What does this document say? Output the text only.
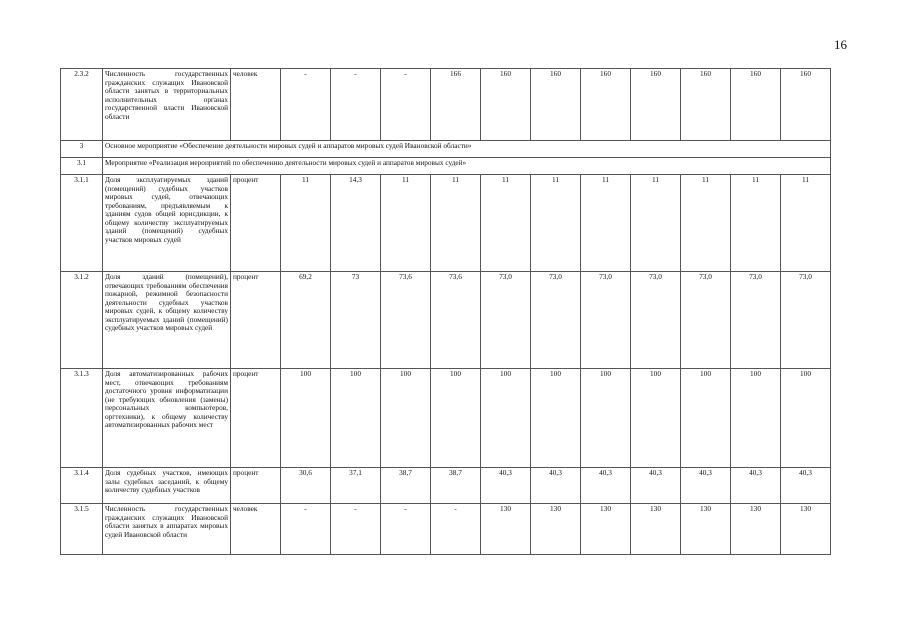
16
2.3.2	Численность государственных гражданских служащих Ивановской области занятых в территориальных исполнительных органах государственной власти Ивановской области	человек	-	-	-	166	160	160	160	160	160	160	160
3	Основное мероприятие «Обеспечение деятельности мировых судей и аппаратов мировых судей Ивановской области»												
3.1	Мероприятие «Реализация мероприятий по обеспечению деятельности мировых судей и аппаратов мировых судей»												
3.1.1	Доля эксплуатируемых зданий (помещений) судебных участков мировых судей, отвечающих требованиям, предъявляемым к зданиям судов общей юрисдикции, к общему количеству эксплуатируемых зданий (помещений) судебных участков мировых судей	процент	11	14,3	11	11	11	11	11	11	11	11	11
3.1.2	Доля зданий (помещений), отвечающих требованиям обеспечения пожарной, режимной безопасности деятельности судебных участков мировых судей, к общему количеству эксплуатируемых зданий (помещений) судебных участков мировых судей	процент	69,2	73	73,6	73,6	73,0	73,0	73,0	73,0	73,0	73,0	73,0
3.1.3	Доля автоматизированных рабочих мест, отвечающих требованиям достаточного уровня информатизации (не требующих обновления (замены) персональных компьютеров, оргтехники), к общему количеству автоматизированных рабочих мест	процент	100	100	100	100	100	100	100	100	100	100	100
3.1.4	Доля судебных участков, имеющих залы судебных заседаний, к общему количеству судебных участков	процент	30,6	37,1	38,7	38,7	40,3	40,3	40,3	40,3	40,3	40,3	40,3
3.1.5	Численность государственных гражданских служащих Ивановской области занятых в аппаратах мировых судей Ивановской области	человек	-	-	-	-	130	130	130	130	130	130	130
